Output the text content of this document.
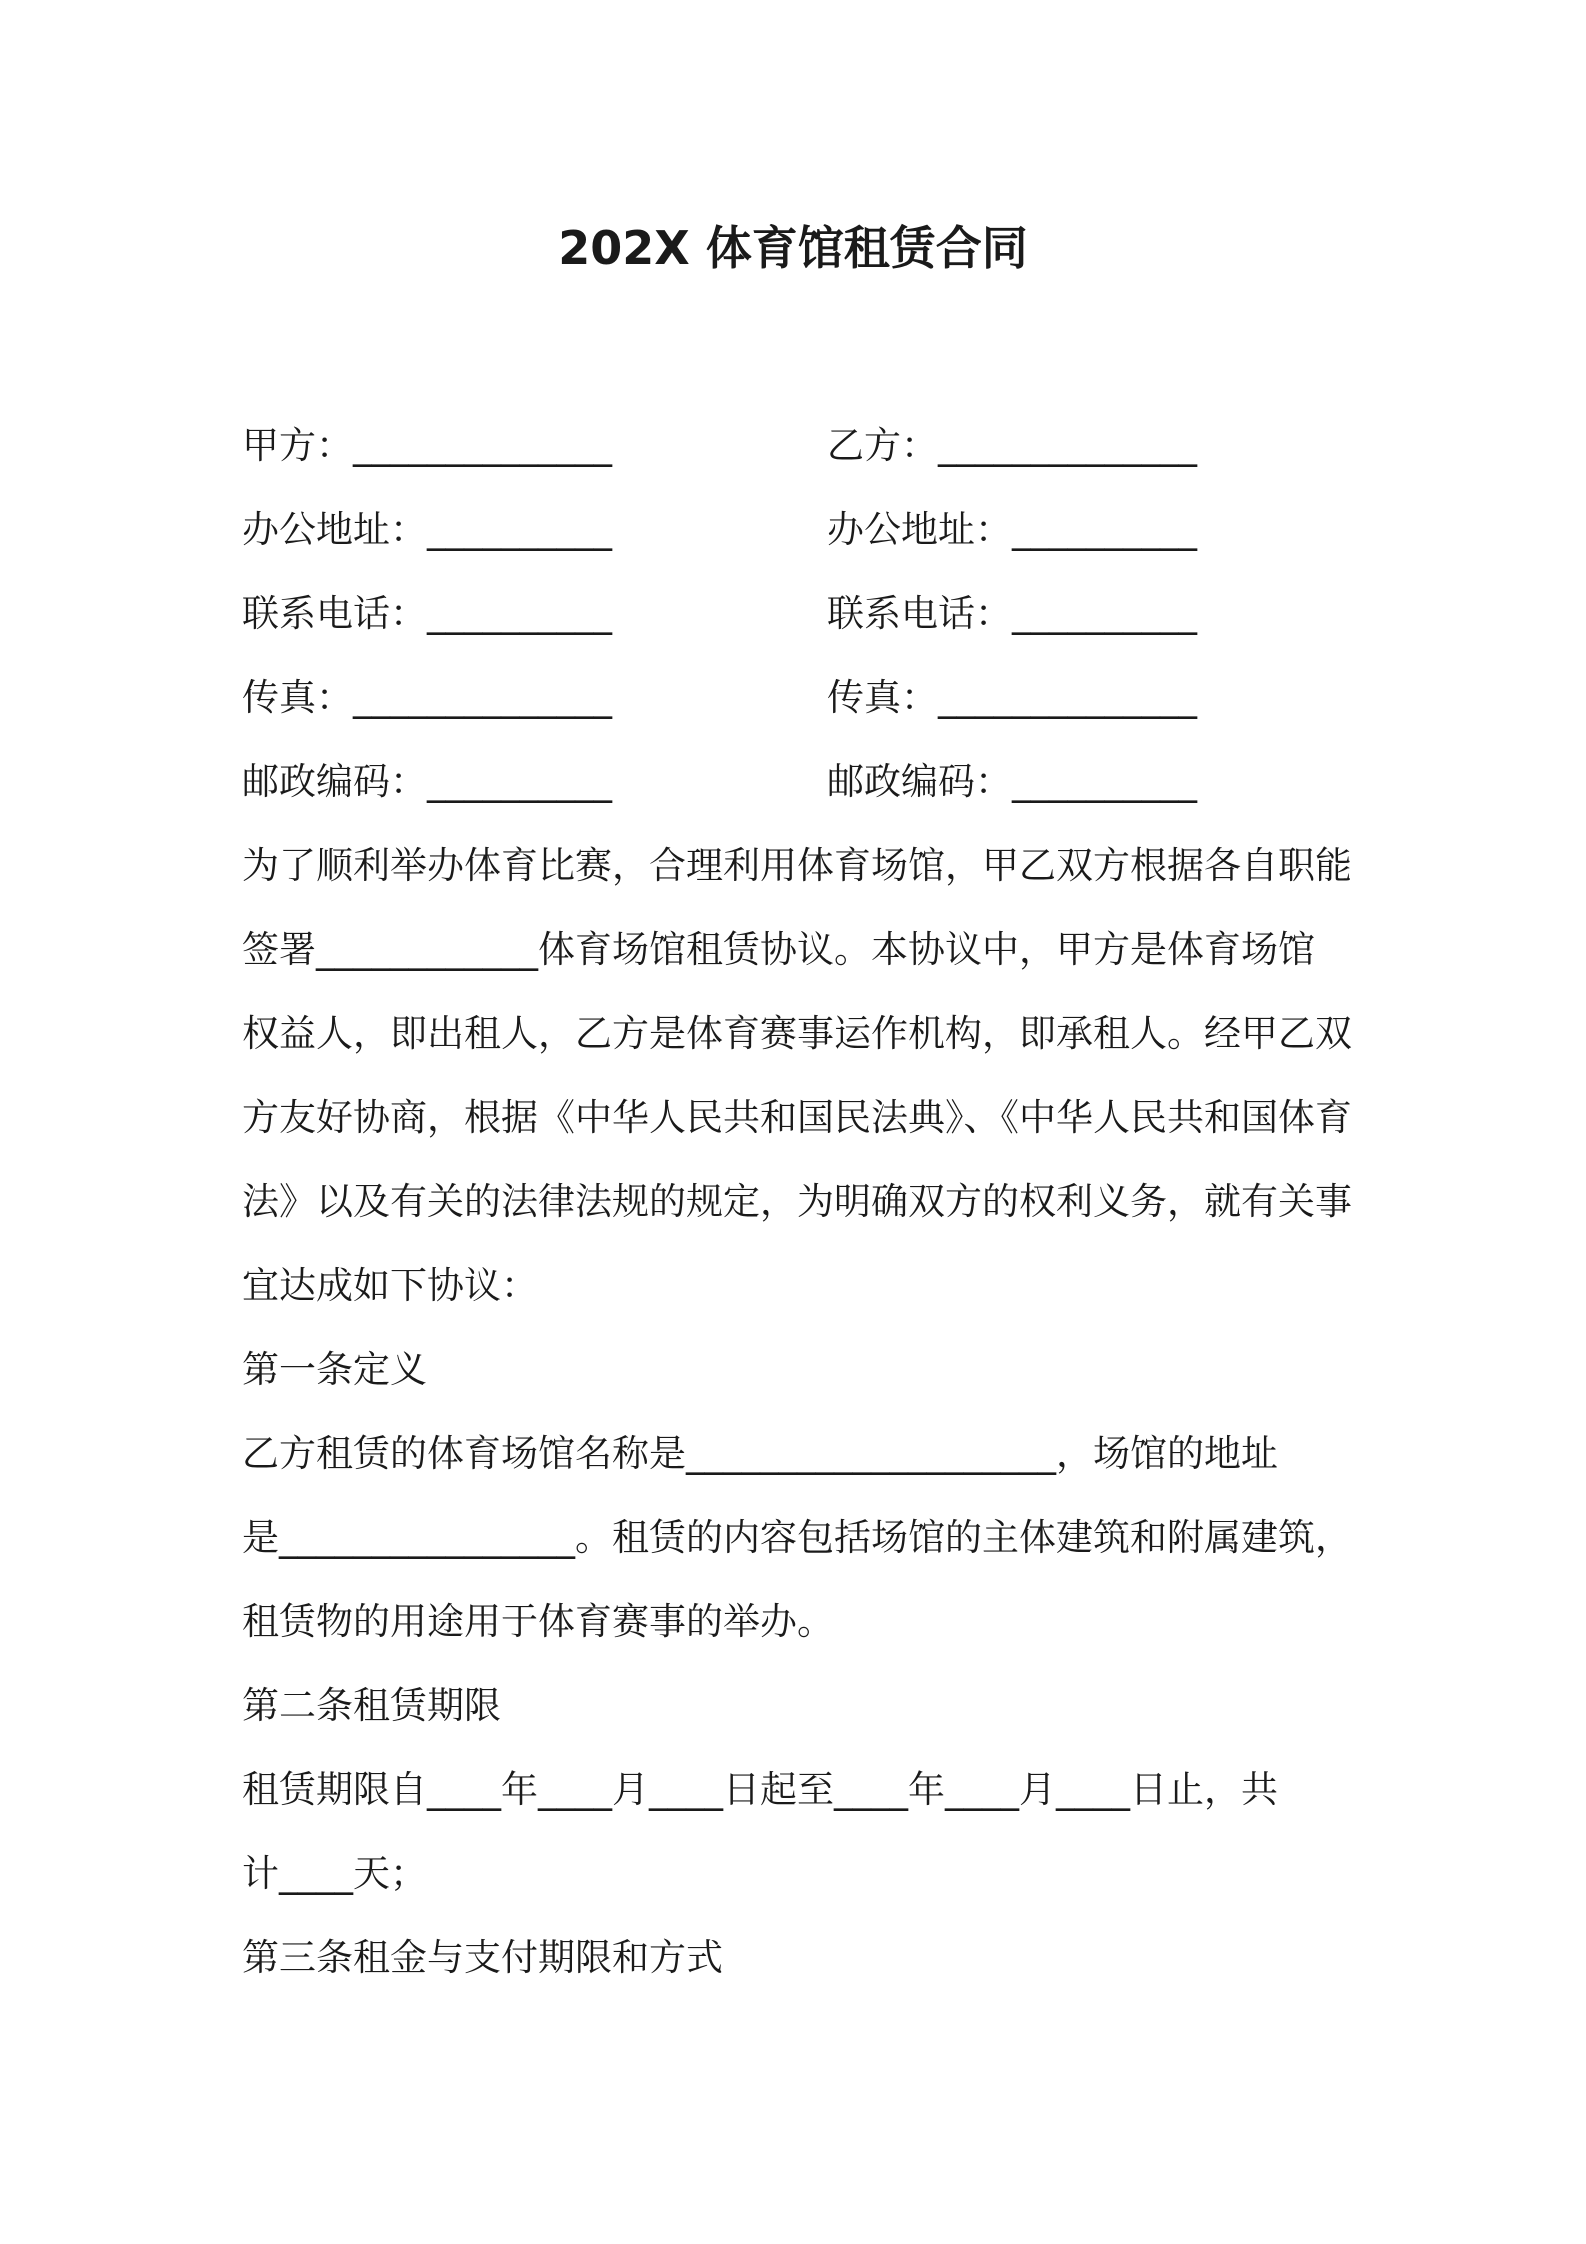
202X 体育馆租赁合同
甲方：______________	乙方：______________
办公地址：__________	办公地址：__________
联系电话：__________	联系电话：__________
传真：______________	传真：______________
邮政编码：__________	邮政编码：__________
为了顺利举办体育比赛，合理利用体育场馆，甲乙双方根据各自职能
签署____________体育场馆租赁协议。本协议中，甲方是体育场馆
权益人，即出租人，乙方是体育赛事运作机构，即承租人。经甲乙双
方友好协商，根据《中华人民共和国民法典》、《中华人民共和国体育
法》以及有关的法律法规的规定，为明确双方的权利义务，就有关事
宜达成如下协议：
第一条定义
乙方租赁的体育场馆名称是____________________，场馆的地址
是________________。租赁的内容包括场馆的主体建筑和附属建筑，
租赁物的用途用于体育赛事的举办。
第二条租赁期限
租赁期限自____年____月____日起至____年____月____日止，共
计____天；
第三条租金与支付期限和方式
